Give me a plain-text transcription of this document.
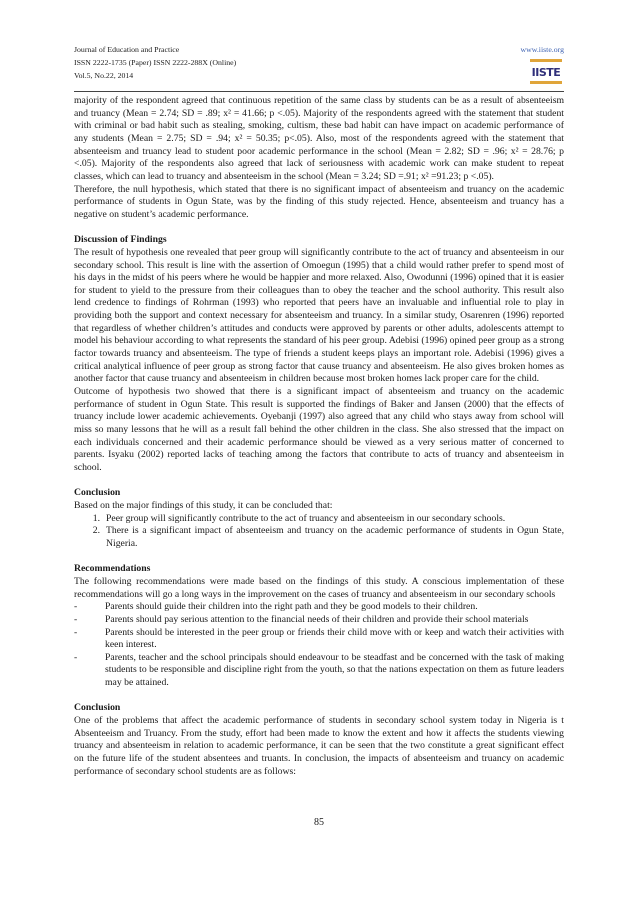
Journal of Education and Practice
ISSN 2222-1735 (Paper) ISSN 2222-288X (Online)
Vol.5, No.22, 2014
www.iiste.org
IISTE

majority of the respondent agreed that continuous repetition of the same class by students can be as a result of absenteeism and truancy (Mean = 2.74; SD = .89; x² = 41.66; p <.05). Majority of the respondents agreed with the statement that student with criminal or bad habit such as stealing, smoking, cultism, these bad habit can have impact on academic performance of any students (Mean = 2.75; SD = .94; x² = 50.35; p<.05). Also, most of the respondents agreed with the statement that absenteeism and truancy lead to student poor academic performance in the school (Mean = 2.82; SD = .96; x² = 28.76; p <.05). Majority of the respondents also agreed that lack of seriousness with academic work can make student to repeat classes, which can lead to truancy and absenteeism in the school (Mean = 3.24; SD =.91; x² =91.23; p <.05).

Therefore, the null hypothesis, which stated that there is no significant impact of absenteeism and truancy on the academic performance of students in Ogun State, was by the finding of this study rejected. Hence, absenteeism and truancy has a negative on student’s academic performance.

Discussion of Findings

The result of hypothesis one revealed that peer group will significantly contribute to the act of truancy and absenteeism in our secondary school. This result is line with the assertion of Omoegun (1995) that a child would rather prefer to spend most of his days in the midst of his peers where he would be happier and more relaxed. Also, Owodunni (1996) opined that it is easier for student to yield to the pressure from their colleagues than to obey the teacher and the school authority. This result also lend credence to findings of Rohrman (1993) who reported that peers have an invaluable and influential role to play in providing both the support and context necessary for absenteeism and truancy. In a similar study, Osarenren (1996) reported that regardless of whether children’s attitudes and conducts were approved by parents or other adults, adolescents attempt to model his behaviour according to what represents the standard of his peer group. Adebisi (1996) opined peer group as a strong factor towards truancy and absenteeism. The type of friends a student keeps plays an important role. Adebisi (1996) gives a critical analytical influence of peer group as strong factor that cause truancy and absenteeism. He also gives broken homes as another factor that cause truancy and absenteeism in children because most broken homes lack proper care for the child.

Outcome of hypothesis two showed that there is a significant impact of absenteeism and truancy on the academic performance of student in Ogun State. This result is supported the findings of Baker and Jansen (2000) that the effects of truancy include lower academic achievements. Oyebanji (1997) also agreed that any child who stays away from school will miss so many lessons that he will as a result fall behind the other children in the class. She also stressed that the impact on each individuals concerned and their academic performance should be viewed as a very serious matter of concerned to parents. Isyaku (2002) reported lacks of teaching among the factors that contribute to acts of truancy and absenteeism in school.

Conclusion

Based on the major findings of this study, it can be concluded that:

1. Peer group will significantly contribute to the act of truancy and absenteeism in our secondary schools.
2. There is a significant impact of absenteeism and truancy on the academic performance of students in Ogun State, Nigeria.

Recommendations

The following recommendations were made based on the findings of this study. A conscious implementation of these recommendations will go a long ways in the improvement on the cases of truancy and absenteeism in our secondary schools

-	Parents should guide their children into the right path and they be good models to their children.
-	Parents should pay serious attention to the financial needs of their children and provide their school materials
-	Parents should be interested in the peer group or friends their child move with or keep and watch their activities with keen interest.
-	Parents, teacher and the school principals should endeavour to be steadfast and be concerned with the task of making students to be responsible and discipline right from the youth, so that the nations expectation on them as future leaders may be attained.

Conclusion

One of the problems that affect the academic performance of students in secondary school system today in Nigeria is t Absenteeism and Truancy. From the study, effort had been made to know the extent and how it affects the students viewing truancy and absenteeism in relation to academic performance, it can be seen that the two constitute a great significant effect on the future life of the student absentees and truants. In conclusion, the impacts of absenteeism and truancy on academic performance of secondary school students are as follows:

85
